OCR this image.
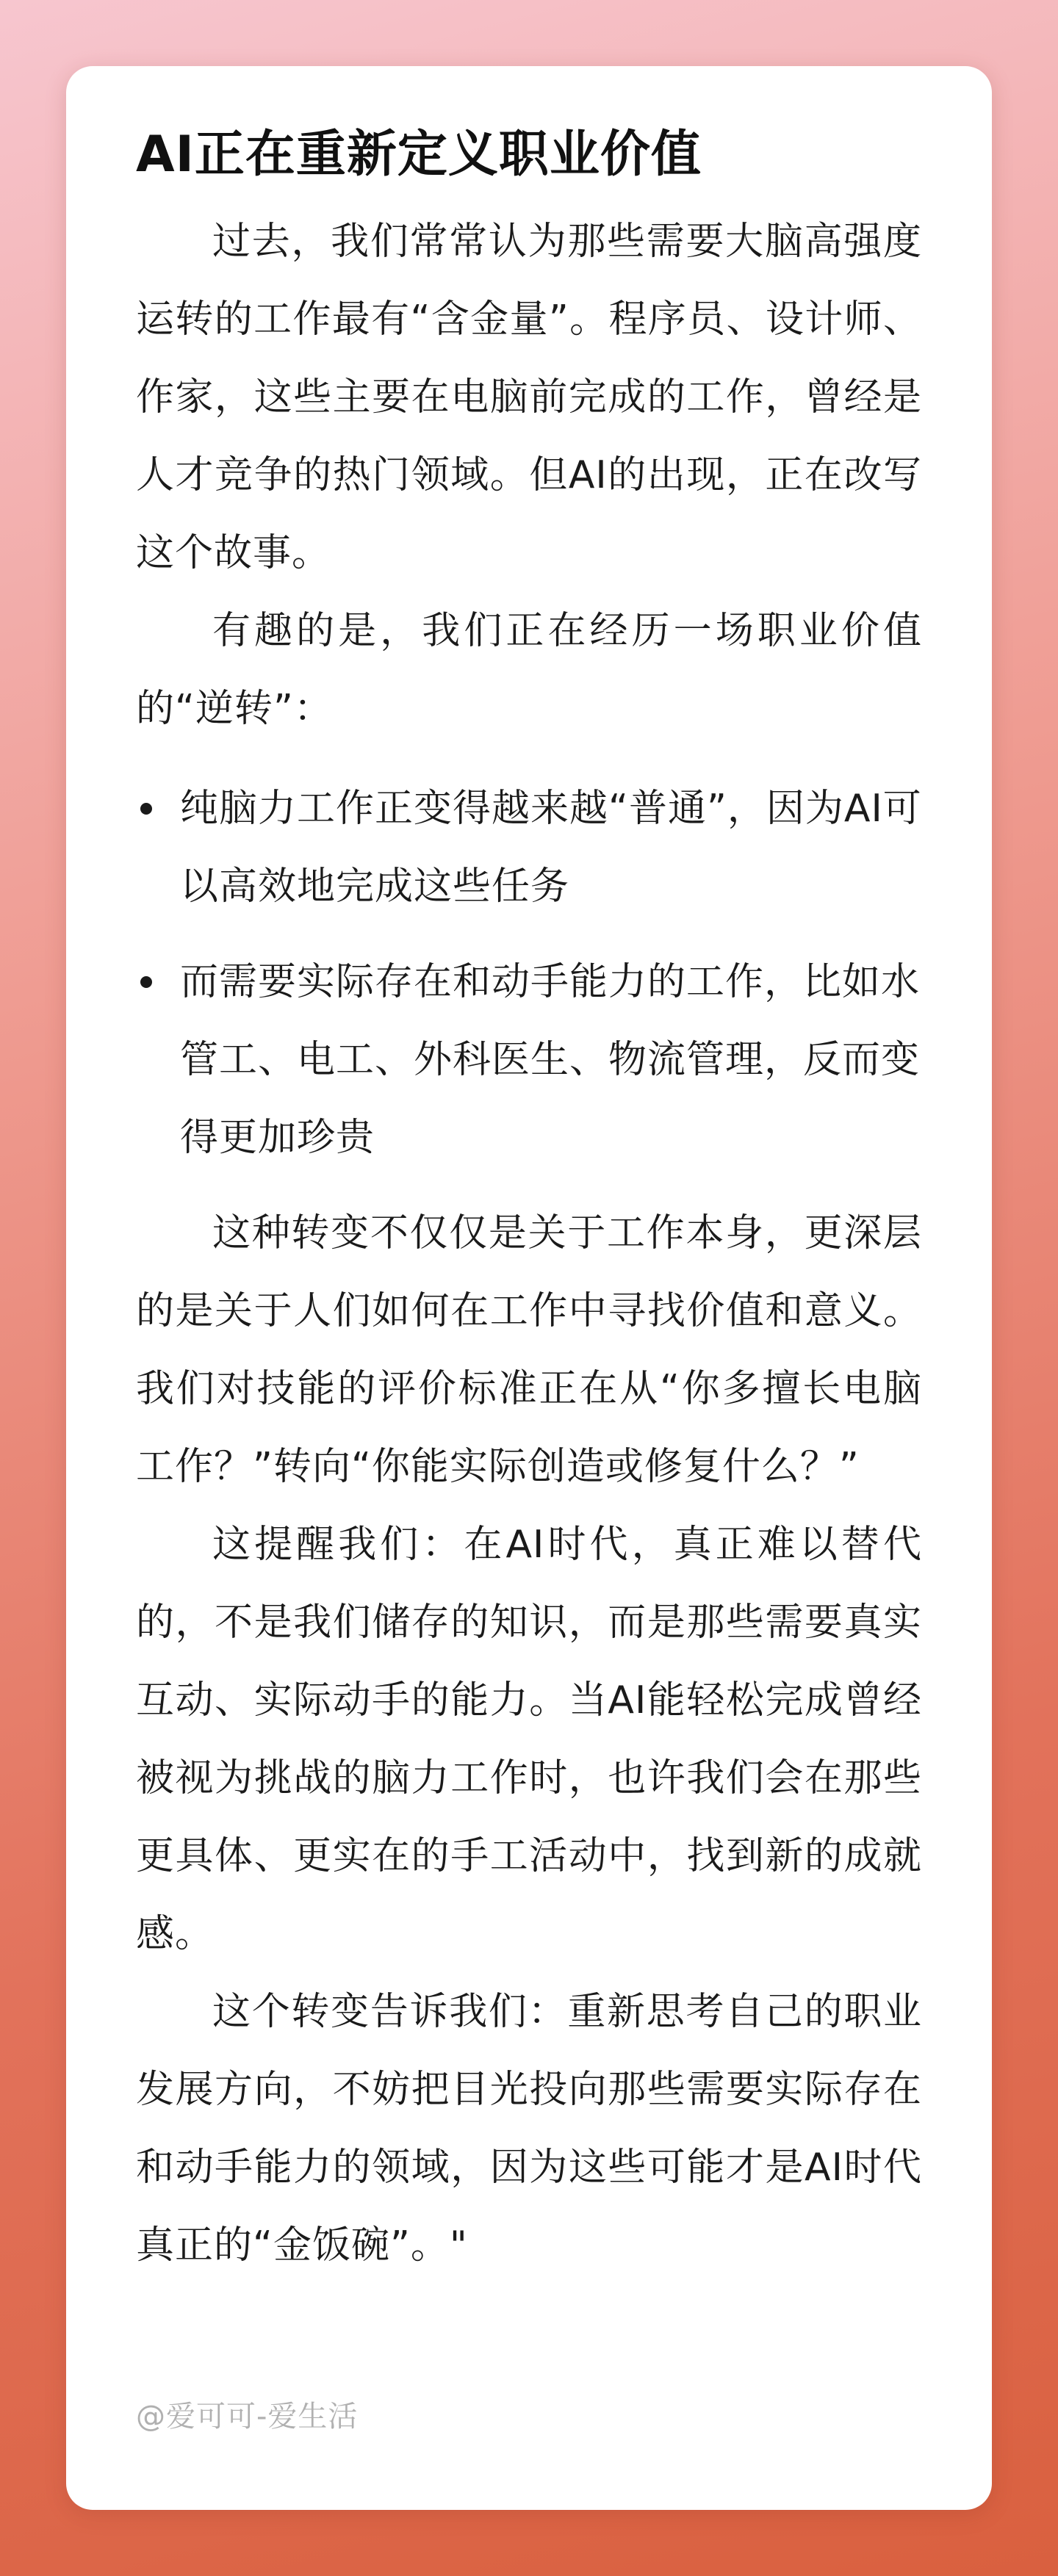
AI正在重新定义职业价值

过去，我们常常认为那些需要大脑高强度运转的工作最有“含金量”。程序员、设计师、作家，这些主要在电脑前完成的工作，曾经是人才竞争的热门领域。但AI的出现，正在改写这个故事。

有趣的是，我们正在经历一场职业价值的“逆转”：

纯脑力工作正变得越来越“普通”，因为AI可以高效地完成这些任务
而需要实际存在和动手能力的工作，比如水管工、电工、外科医生、物流管理，反而变得更加珍贵

这种转变不仅仅是关于工作本身，更深层的是关于人们如何在工作中寻找价值和意义。我们对技能的评价标准正在从“你多擅长电脑工作？”转向“你能实际创造或修复什么？”

这提醒我们：在AI时代，真正难以替代的，不是我们储存的知识，而是那些需要真实互动、实际动手的能力。当AI能轻松完成曾经被视为挑战的脑力工作时，也许我们会在那些更具体、更实在的手工活动中，找到新的成就感。

这个转变告诉我们：重新思考自己的职业发展方向，不妨把目光投向那些需要实际存在和动手能力的领域，因为这些可能才是AI时代真正的“金饭碗”。"

@爱可可-爱生活
